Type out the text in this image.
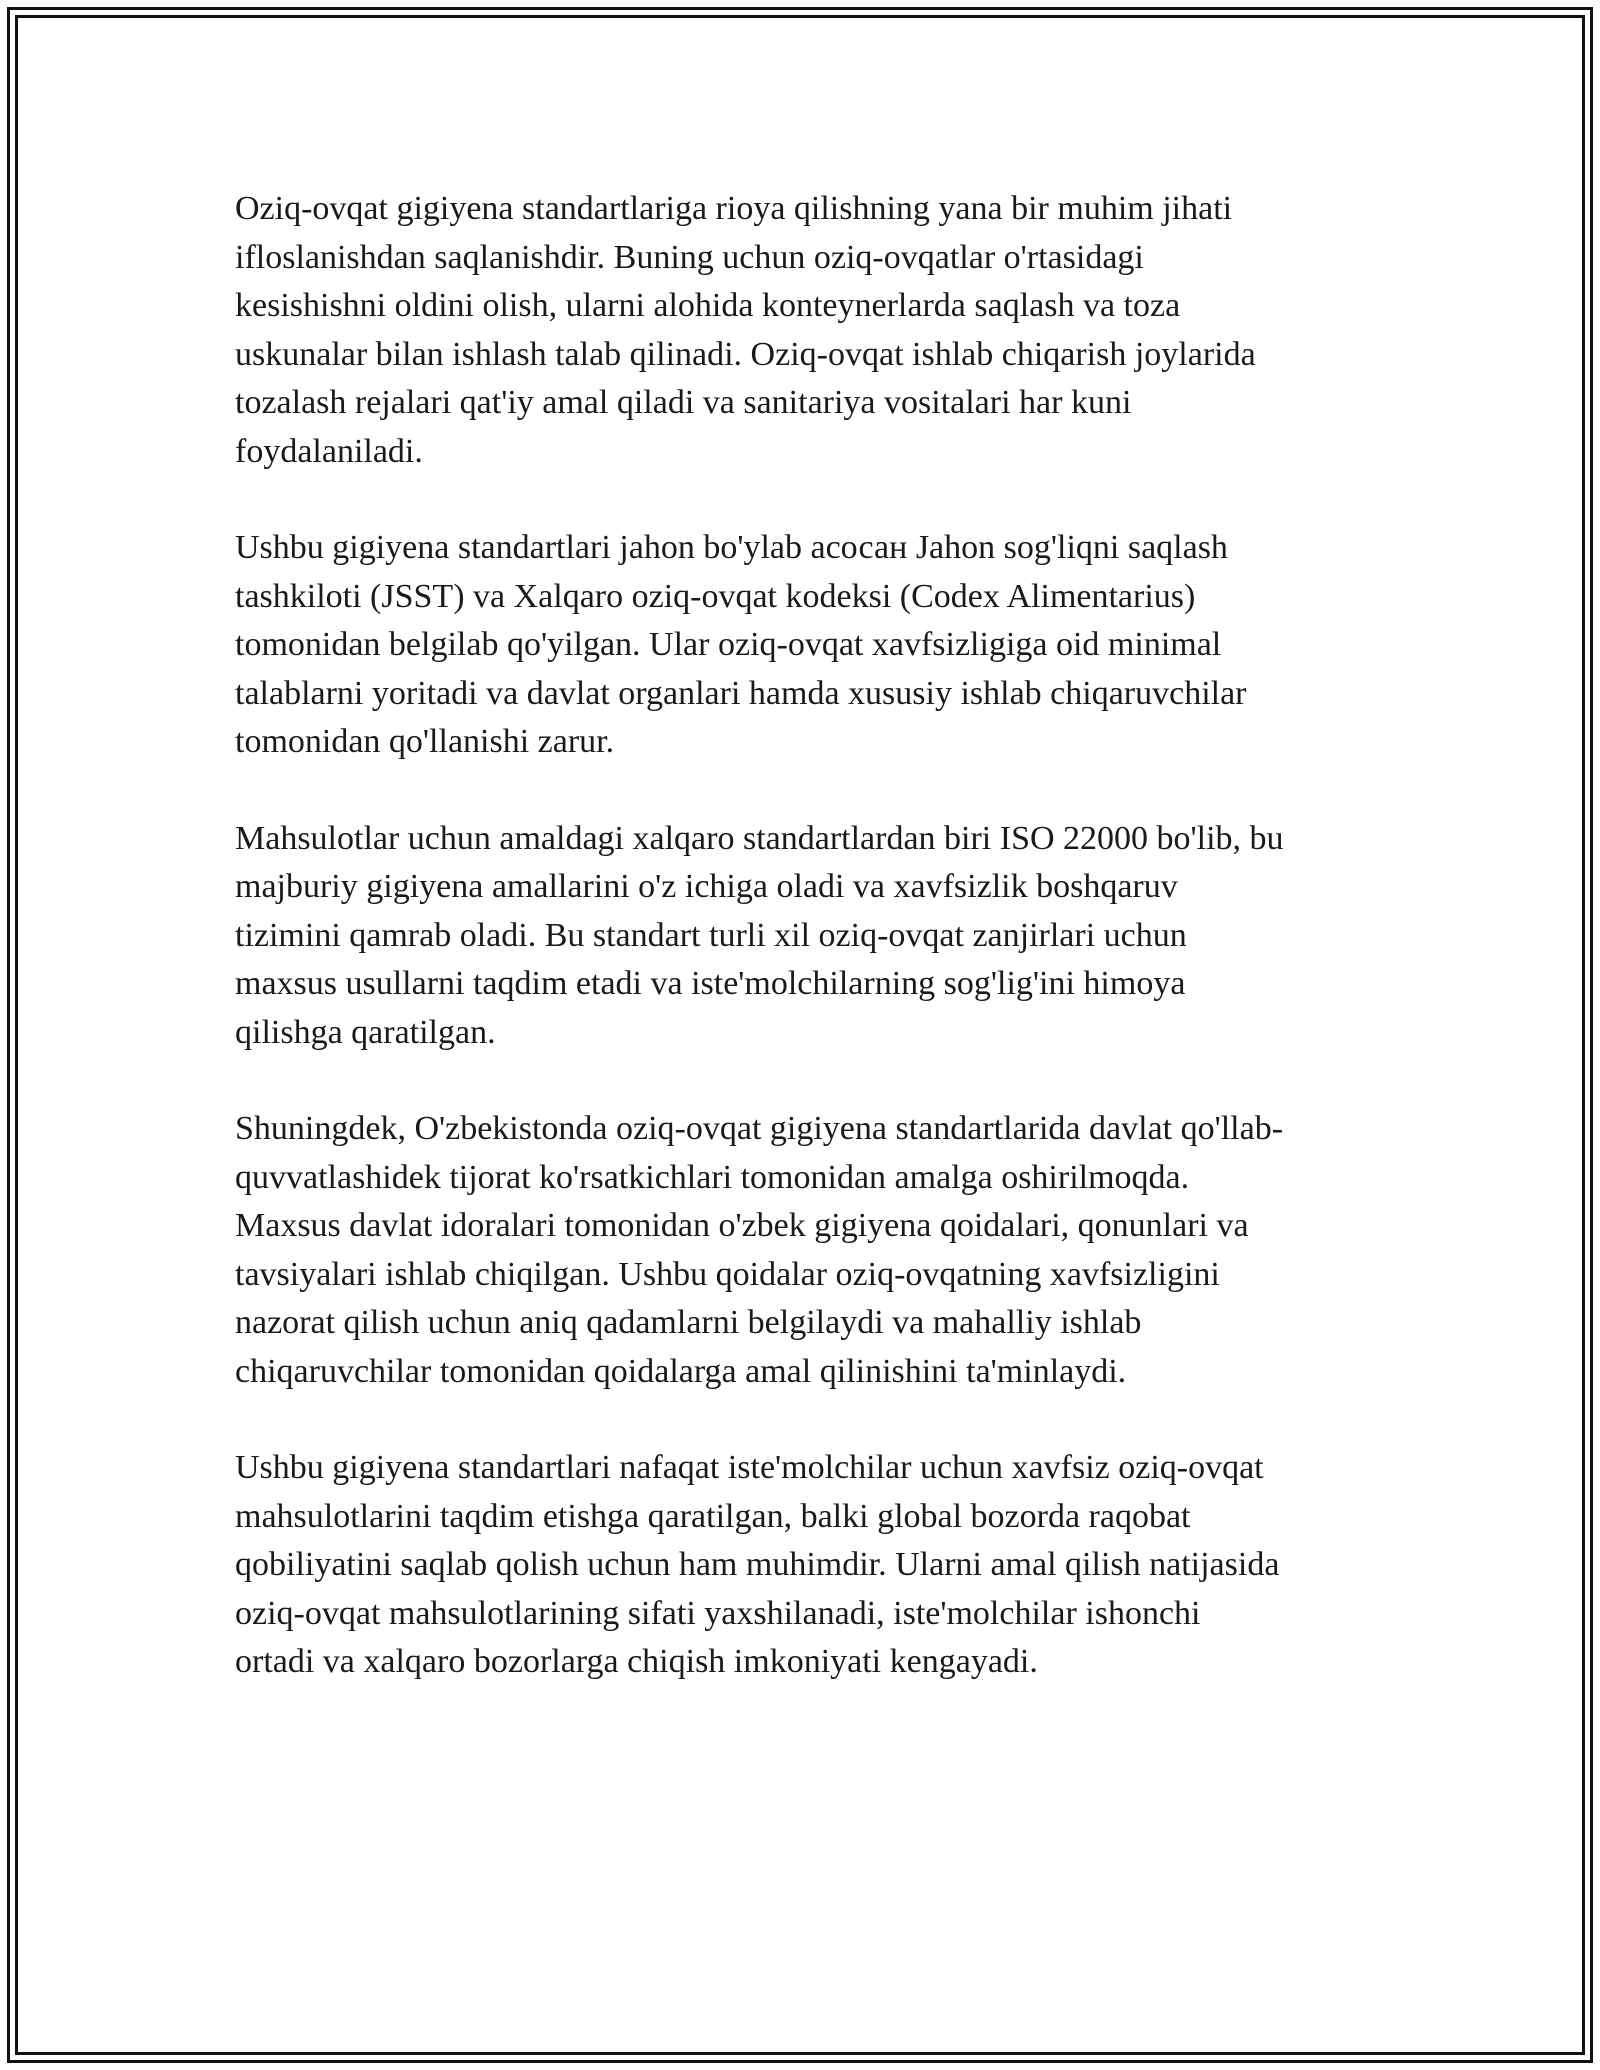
Oziq-ovqat gigiyena standartlariga rioya qilishning yana bir muhim jihati
ifloslanishdan saqlanishdir. Buning uchun oziq-ovqatlar o'rtasidagi
kesishishni oldini olish, ularni alohida konteynerlarda saqlash va toza
uskunalar bilan ishlash talab qilinadi. Oziq-ovqat ishlab chiqarish joylarida
tozalash rejalari qat'iy amal qiladi va sanitariya vositalari har kuni
foydalaniladi.

Ushbu gigiyena standartlari jahon bo'ylab асосан Jahon sog'liqni saqlash
tashkiloti (JSST) va Xalqaro oziq-ovqat kodeksi (Codex Alimentarius)
tomonidan belgilab qo'yilgan. Ular oziq-ovqat xavfsizligiga oid minimal
talablarni yoritadi va davlat organlari hamda xususiy ishlab chiqaruvchilar
tomonidan qo'llanishi zarur.

Mahsulotlar uchun amaldagi xalqaro standartlardan biri ISO 22000 bo'lib, bu
majburiy gigiyena amallarini o'z ichiga oladi va xavfsizlik boshqaruv
tizimini qamrab oladi. Bu standart turli xil oziq-ovqat zanjirlari uchun
maxsus usullarni taqdim etadi va iste'molchilarning sog'lig'ini himoya
qilishga qaratilgan.

Shuningdek, O'zbekistonda oziq-ovqat gigiyena standartlarida davlat qo'llab-
quvvatlashidek tijorat ko'rsatkichlari tomonidan amalga oshirilmoqda.
Maxsus davlat idoralari tomonidan o'zbek gigiyena qoidalari, qonunlari va
tavsiyalari ishlab chiqilgan. Ushbu qoidalar oziq-ovqatning xavfsizligini
nazorat qilish uchun aniq qadamlarni belgilaydi va mahalliy ishlab
chiqaruvchilar tomonidan qoidalarga amal qilinishini ta'minlaydi.

Ushbu gigiyena standartlari nafaqat iste'molchilar uchun xavfsiz oziq-ovqat
mahsulotlarini taqdim etishga qaratilgan, balki global bozorda raqobat
qobiliyatini saqlab qolish uchun ham muhimdir. Ularni amal qilish natijasida
oziq-ovqat mahsulotlarining sifati yaxshilanadi, iste'molchilar ishonchi
ortadi va xalqaro bozorlarga chiqish imkoniyati kengayadi.
